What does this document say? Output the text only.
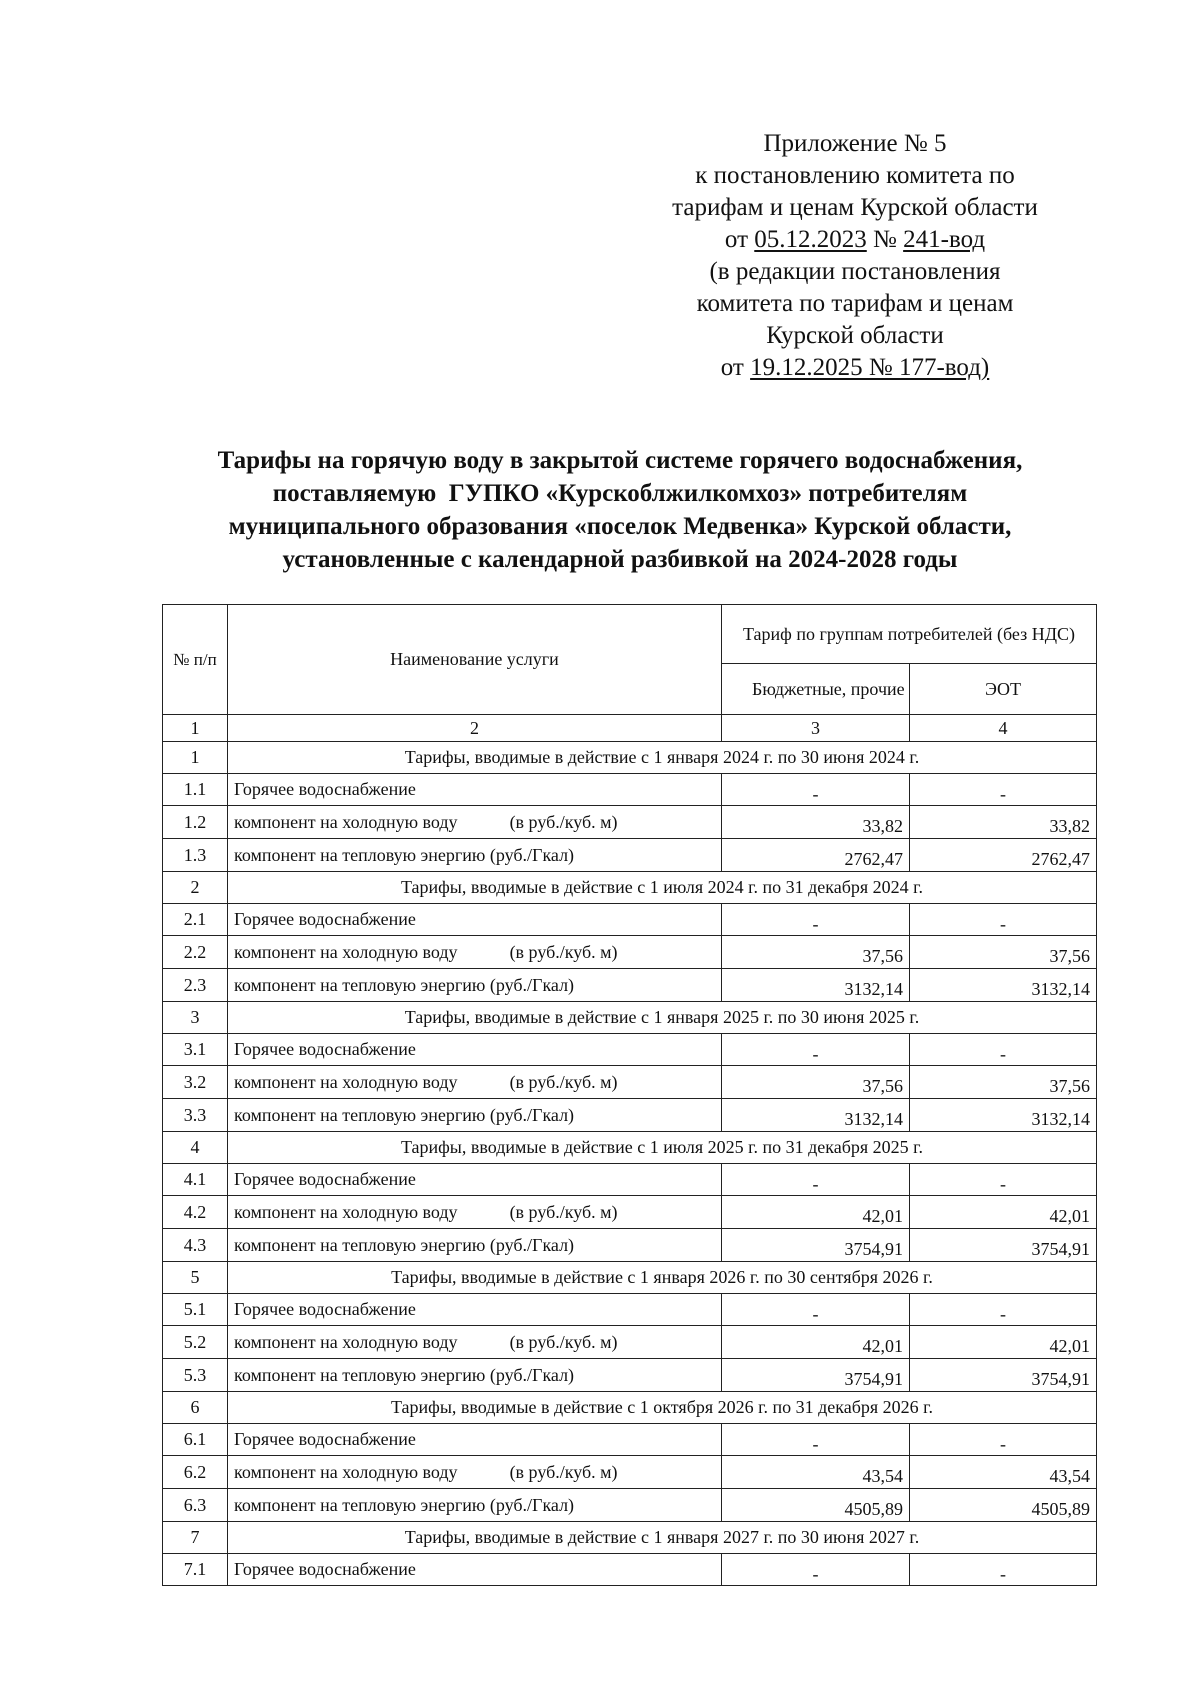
Приложение № 5
к постановлению комитета по
тарифам и ценам Курской области
от 05.12.2023 № 241-вод
(в редакции постановления
комитета по тарифам и ценам
Курской области
от 19.12.2025 № 177-вод)
Тарифы на горячую воду в закрытой системе горячего водоснабжения,
поставляемую  ГУПКО «Курскоблжилкомхоз» потребителям
муниципального образования «поселок Медвенка» Курской области,
установленные с календарной разбивкой на 2024-2028 годы
№ п/п	Наименование услуги	Тариф по группам потребителей (без НДС)	
		Бюджетные, прочие	ЭОТ
1	2	3	4
1	Тарифы, вводимые в действие с 1 января 2024 г. по 30 июня 2024 г.		
1.1	Горячее водоснабжение	-	-
1.2	компонент на холодную воду (в руб./куб. м)	33,82	33,82
1.3	компонент на тепловую энергию (руб./Гкал)	2762,47	2762,47
2	Тарифы, вводимые в действие с 1 июля 2024 г. по 31 декабря 2024 г.		
2.1	Горячее водоснабжение	-	-
2.2	компонент на холодную воду (в руб./куб. м)	37,56	37,56
2.3	компонент на тепловую энергию (руб./Гкал)	3132,14	3132,14
3	Тарифы, вводимые в действие с 1 января 2025 г. по 30 июня 2025 г.		
3.1	Горячее водоснабжение	-	-
3.2	компонент на холодную воду (в руб./куб. м)	37,56	37,56
3.3	компонент на тепловую энергию (руб./Гкал)	3132,14	3132,14
4	Тарифы, вводимые в действие с 1 июля 2025 г. по 31 декабря 2025 г.		
4.1	Горячее водоснабжение	-	-
4.2	компонент на холодную воду (в руб./куб. м)	42,01	42,01
4.3	компонент на тепловую энергию (руб./Гкал)	3754,91	3754,91
5	Тарифы, вводимые в действие с 1 января 2026 г. по 30 сентября 2026 г.		
5.1	Горячее водоснабжение	-	-
5.2	компонент на холодную воду (в руб./куб. м)	42,01	42,01
5.3	компонент на тепловую энергию (руб./Гкал)	3754,91	3754,91
6	Тарифы, вводимые в действие с 1 октября 2026 г. по 31 декабря 2026 г.		
6.1	Горячее водоснабжение	-	-
6.2	компонент на холодную воду (в руб./куб. м)	43,54	43,54
6.3	компонент на тепловую энергию (руб./Гкал)	4505,89	4505,89
7	Тарифы, вводимые в действие с 1 января 2027 г. по 30 июня 2027 г.		
7.1	Горячее водоснабжение	-	-
